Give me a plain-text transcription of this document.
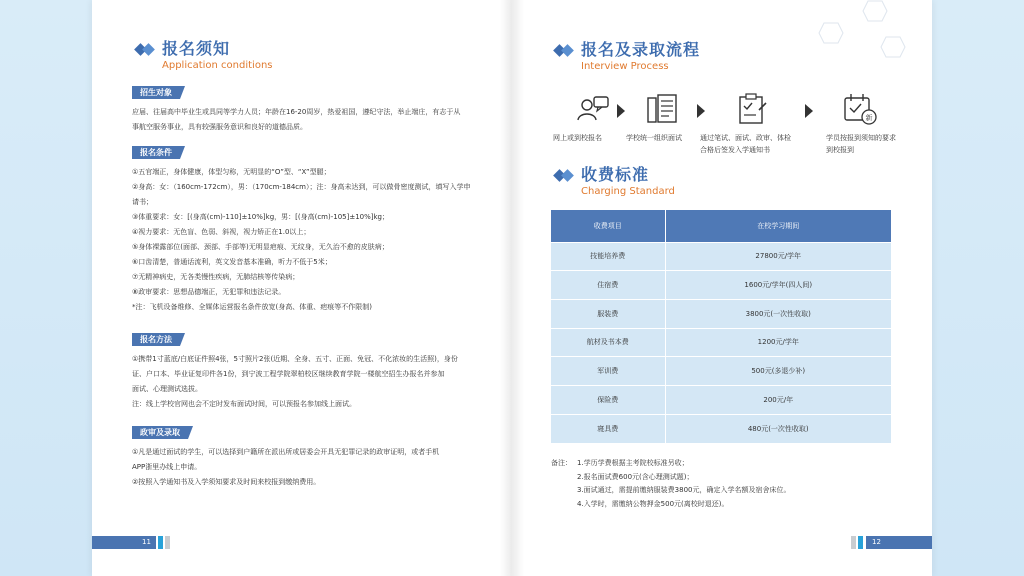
报名须知
Application conditions
招生对象

应届、往届高中毕业生或具同等学力人员；年龄在16-20周岁，热爱祖国，遵纪守法，举止端庄，有志于从

事航空服务事业，具有较强服务意识和良好的道德品质。

报名条件

①五官端正，身体健康，体型匀称，无明显的“O”型、“X”型腿；

②身高：女：（160cm-172cm），男：（170cm-184cm）；注：身高未达到，可以做骨密度测试，填写入学申

请书；

③体重要求：女：[(身高(cm)-110]±10%]kg，男：[(身高(cm)-105]±10%]kg；

④视力要求：无色盲、色弱、斜视，视力矫正在1.0以上；

⑤身体裸露部位(面部、颈部、手部等)无明显疤痕、无纹身，无久治不愈的皮肤病；

⑥口齿清楚，普通话流利，英文发音基本准确，听力不低于5米；

⑦无精神病史，无各类慢性疾病，无肺结核等传染病；

⑧政审要求：思想品德端正，无犯罪和违法记录。

*注：飞机设备维修、全媒体运营报名条件放宽(身高、体重、疤痕等不作限制)

报名方法

①携带1寸蓝底/白底证件照4张，5寸照片2张(近期、全身、五寸、正面、免冠、不化浓妆的生活照)，身份

证、户口本、毕业证复印件各1份，到宁波工程学院翠柏校区继续教育学院一楼航空招生办报名并参加

面试、心理测试选拔。

注：线上学校官网也会不定时发布面试时间，可以预报名参加线上面试。

政审及录取

①凡是通过面试的学生，可以选择到户籍所在派出所或居委会开具无犯罪记录的政审证明，或者手机

APP浙里办线上申请。

②按照入学通知书及入学须知要求及时间来校报到缴纳费用。

11
报名及录取流程
Interview Process
网上或到校报名	学校统一组织面试	通过笔试、面试、政审、体检合格后签发入学通知书
新
学员按报到须知的要求到校报到
收费标准
Charging Standard
收费项目	在校学习期间
技能培养费	27800元/学年
住宿费	1600元/学年(四人间)
服装费	3800元(一次性收取)
航材及书本费	1200元/学年
军训费	500元(多退少补)
保险费	200元/年
寝具费	480元(一次性收取)
备注： 1.学历学费根据主考院校标准另收；
2.报名面试费600元(含心理测试题)；
3.面试通过，需提前缴纳服装费3800元，确定入学名额及宿舍床位。
4.入学时，需缴纳公物押金500元(离校时退还)。
12
